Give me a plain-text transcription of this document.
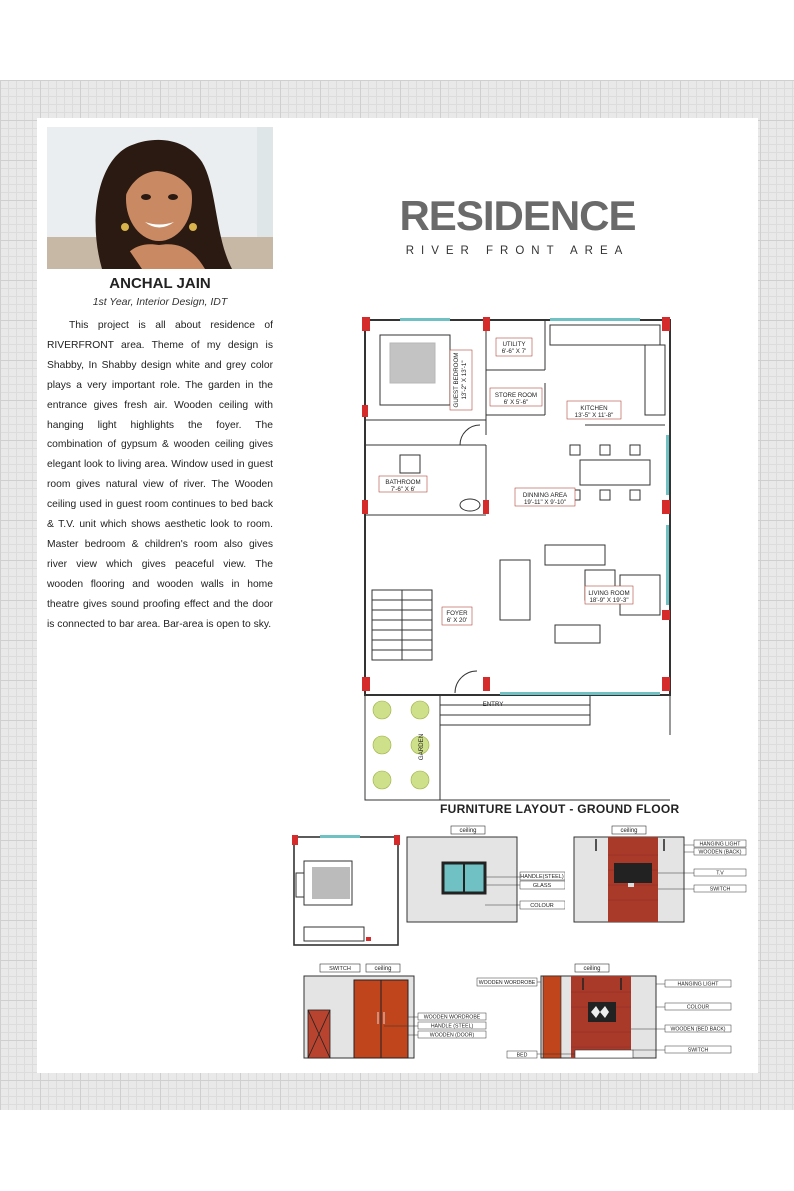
ANCHAL JAIN
1st Year, Interior Design, IDT

This project is all about residence of RIVERFRONT area. Theme of my design is Shabby, In Shabby design white and grey color plays a very important role. The garden in the entrance gives fresh air. Wooden ceiling with hanging light highlights the foyer. The combination of gypsum & wooden ceiling gives elegant look to living area. Window used in guest room gives natural view of river. The Wooden ceiling used in guest room continues to bed back & T.V. unit which shows aesthetic look to room. Master bedroom & children's room also gives river view which gives peaceful view. The wooden flooring and wooden walls in home theatre gives sound proofing effect and the door is connected to bar area. Bar-area is open to sky.

RESIDENCE
RIVER FRONT AREA
UTILITY
6'-6" X 7'
STORE ROOM
6' X 5'-6"
KITCHEN
13'-5" X 11'-8"
BATHROOM
7'-6" X 6'
DINNING AREA
19'-11" X 9'-10"
LIVING ROOM
18'-9" X 19'-3"
FOYER
6' X 20'
ENTRY
GUEST BEDROOM 13'-2" X 13'-1"
GARDEN
FURNITURE LAYOUT - GROUND FLOOR
ceiling
HANDLE(STEEL)
GLASS
COLOUR
ceiling
HANGING LIGHT
WOODEN (BACK)
T.V
SWITCH
SWITCH	ceiling
WOODEN WORDROBE
HANDLE (STEEL)
WOODEN (DOOR)
ceiling
WOODEN WORDROBE
BED
HANGING LIGHT
COLOUR
WOODEN (BED BACK)
SWITCH
